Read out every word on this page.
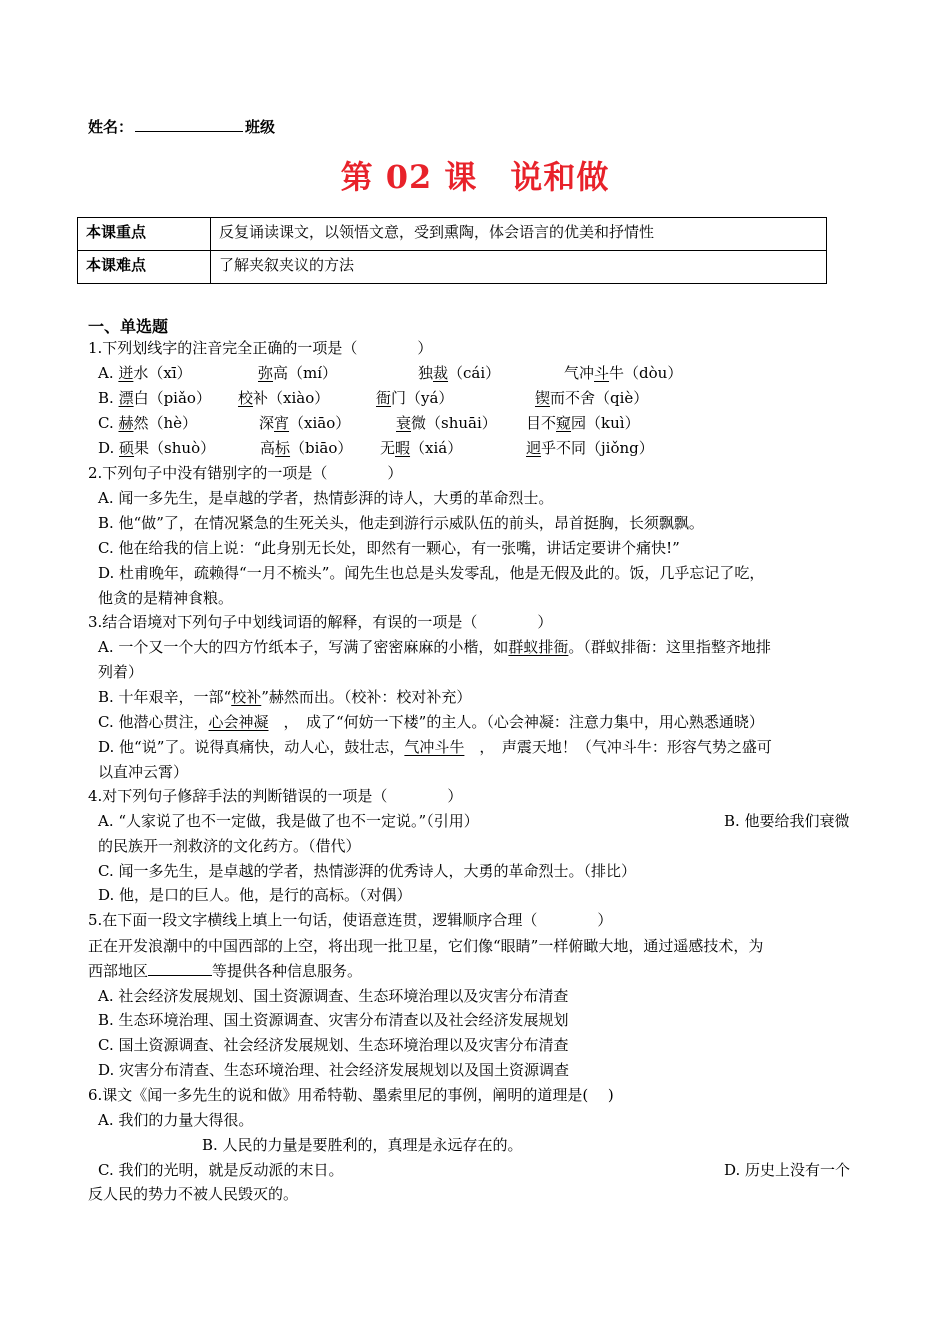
姓名：	班级
第 02 课　说和做
本课重点	反复诵读课文，以领悟文意，受到熏陶，体会语言的优美和抒情性
本课难点	了解夹叙夹议的方法
一、单选题
1.下列划线字的注音完全正确的一项是（　　　　）
A. 迸水（xī）	弥高（mí）	独裁（cái）	气冲斗牛（dòu）
B. 漂白（piǎo） 校补（xiào）	衙门（yá）	锲而不舍（qiè）
C. 赫然（hè）	深宵（xiāo）	衰微（shuāi） 目不窥园（kuì）
D. 硕果（shuò）	高标（biāo） 无暇（xiá）	迥乎不同（jiǒng）
2.下列句子中没有错别字的一项是（　　　　）
A. 闻一多先生，是卓越的学者，热情彭湃的诗人，大勇的革命烈士。
B. 他“做”了，在情况紧急的生死关头，他走到游行示威队伍的前头，昂首挺胸，长须飘飘。
C. 他在给我的信上说：“此身别无长处，即然有一颗心，有一张嘴，讲话定要讲个痛快!”
D. 杜甫晚年，疏赖得“一月不梳头”。闻先生也总是头发零乱，他是无假及此的。饭，几乎忘记了吃，
他贪的是精神食粮。
3.结合语境对下列句子中划线词语的解释，有误的一项是（　　　　）
A. 一个又一个大的四方竹纸本子，写满了密密麻麻的小楷，如群蚁排衙。（群蚁排衙：这里指整齐地排
列着）
B. 十年艰辛，一部“校补”赫然而出。（校补：校对补充）
C. 他潜心贯注，心会神凝　，　成了“何妨一下楼”的主人。（心会神凝：注意力集中，用心熟悉通晓）
D. 他“说”了。说得真痛快，动人心，鼓壮志，气冲斗牛　，　声震天地！（气冲斗牛：形容气势之盛可
以直冲云霄）
4.对下列句子修辞手法的判断错误的一项是（　　　　）
A. “人家说了也不一定做，我是做了也不一定说。”（引用）	B. 他要给我们衰微
的民族开一剂救济的文化药方。（借代）
C. 闻一多先生，是卓越的学者，热情澎湃的优秀诗人，大勇的革命烈士。（排比）
D. 他，是口的巨人。他，是行的高标。（对偶）
5.在下面一段文字横线上填上一句话，使语意连贯，逻辑顺序合理（　　　　）
正在开发浪潮中的中国西部的上空，将出现一批卫星，它们像“眼睛”一样俯瞰大地，通过遥感技术，为
西部地区	等提供各种信息服务。
A. 社会经济发展规划、国土资源调查、生态环境治理以及灾害分布清查
B. 生态环境治理、国土资源调查、灾害分布清查以及社会经济发展规划
C. 国土资源调查、社会经济发展规划、生态环境治理以及灾害分布清查
D. 灾害分布清查、生态环境治理、社会经济发展规划以及国土资源调查
6.课文《闻一多先生的说和做》用希特勒、墨索里尼的事例，阐明的道理是(　 )
A. 我们的力量大得很。
B. 人民的力量是要胜利的，真理是永远存在的。
C. 我们的光明，就是反动派的末日。	D. 历史上没有一个
反人民的势力不被人民毁灭的。
